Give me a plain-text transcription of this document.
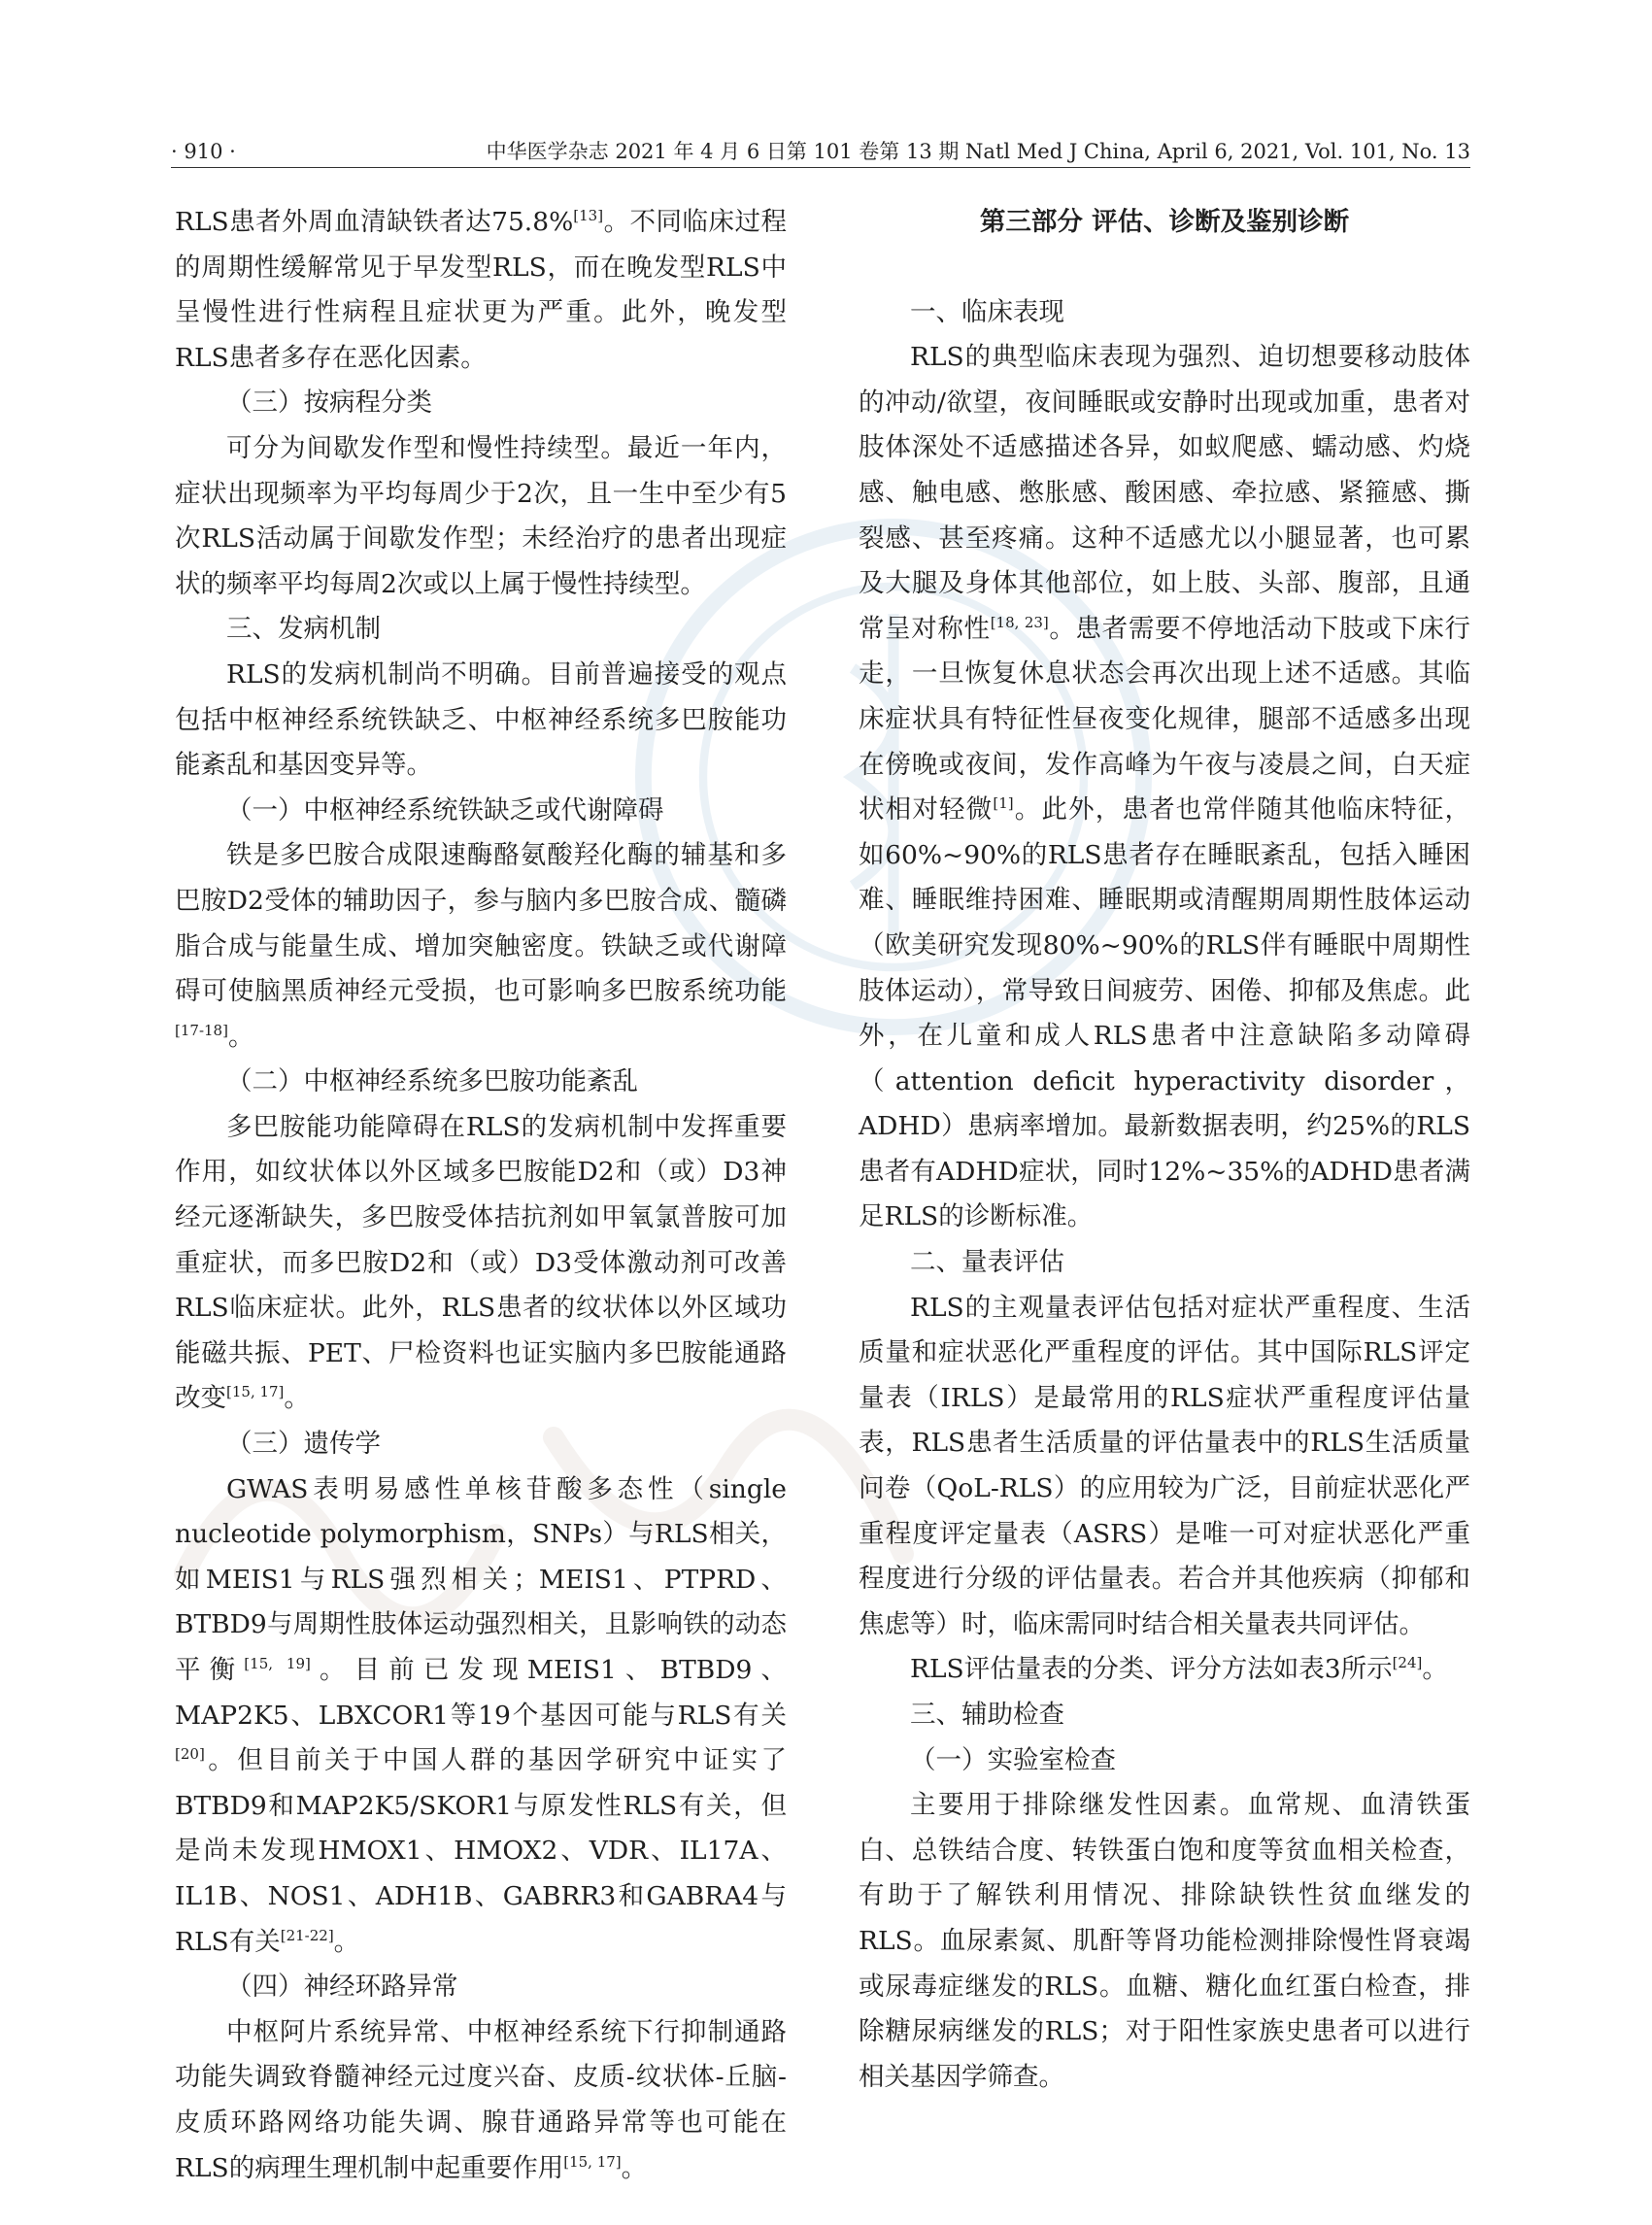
· 910 ·	中华医学杂志 2021 年 4 月 6 日第 101 卷第 13 期 Natl Med J China, April 6, 2021, Vol. 101, No. 13

RLS患者外周血清缺铁者达75.8%[13]。不同临床过程的周期性缓解常见于早发型RLS，而在晚发型RLS中呈慢性进行性病程且症状更为严重。此外，晚发型RLS患者多存在恶化因素。

（三）按病程分类

可分为间歇发作型和慢性持续型。最近一年内，症状出现频率为平均每周少于2次，且一生中至少有5次RLS活动属于间歇发作型；未经治疗的患者出现症状的频率平均每周2次或以上属于慢性持续型。

三、发病机制

RLS的发病机制尚不明确。目前普遍接受的观点包括中枢神经系统铁缺乏、中枢神经系统多巴胺能功能紊乱和基因变异等。

（一）中枢神经系统铁缺乏或代谢障碍

铁是多巴胺合成限速酶酪氨酸羟化酶的辅基和多巴胺D2受体的辅助因子，参与脑内多巴胺合成、髓磷脂合成与能量生成、增加突触密度。铁缺乏或代谢障碍可使脑黑质神经元受损，也可影响多巴胺系统功能[17-18]。

（二）中枢神经系统多巴胺功能紊乱

多巴胺能功能障碍在RLS的发病机制中发挥重要作用，如纹状体以外区域多巴胺能D2和（或）D3神经元逐渐缺失，多巴胺受体拮抗剂如甲氧氯普胺可加重症状，而多巴胺D2和（或）D3受体激动剂可改善RLS临床症状。此外，RLS患者的纹状体以外区域功能磁共振、PET、尸检资料也证实脑内多巴胺能通路改变[15, 17]。

（三）遗传学

GWAS表明易感性单核苷酸多态性（single nucleotide polymorphism，SNPs）与RLS相关，如MEIS1与RLS强烈相关；MEIS1、PTPRD、BTBD9与周期性肢体运动强烈相关，且影响铁的动态平衡[15, 19]。目前已发现MEIS1、BTBD9、MAP2K5、LBXCOR1等19个基因可能与RLS有关[20]。但目前关于中国人群的基因学研究中证实了BTBD9和MAP2K5/SKOR1与原发性RLS有关，但是尚未发现HMOX1、HMOX2、VDR、IL17A、IL1B、NOS1、ADH1B、GABRR3和GABRA4与RLS有关[21-22]。

（四）神经环路异常

中枢阿片系统异常、中枢神经系统下行抑制通路功能失调致脊髓神经元过度兴奋、皮质-纹状体-丘脑-皮质环路网络功能失调、腺苷通路异常等也可能在RLS的病理生理机制中起重要作用[15, 17]。

第三部分 评估、诊断及鉴别诊断

一、临床表现

RLS的典型临床表现为强烈、迫切想要移动肢体的冲动/欲望，夜间睡眠或安静时出现或加重，患者对肢体深处不适感描述各异，如蚁爬感、蠕动感、灼烧感、触电感、憋胀感、酸困感、牵拉感、紧箍感、撕裂感、甚至疼痛。这种不适感尤以小腿显著，也可累及大腿及身体其他部位，如上肢、头部、腹部，且通常呈对称性[18, 23]。患者需要不停地活动下肢或下床行走，一旦恢复休息状态会再次出现上述不适感。其临床症状具有特征性昼夜变化规律，腿部不适感多出现在傍晚或夜间，发作高峰为午夜与凌晨之间，白天症状相对轻微[1]。此外，患者也常伴随其他临床特征，如60%~90%的RLS患者存在睡眠紊乱，包括入睡困难、睡眠维持困难、睡眠期或清醒期周期性肢体运动（欧美研究发现80%~90%的RLS伴有睡眠中周期性肢体运动），常导致日间疲劳、困倦、抑郁及焦虑。此外，在儿童和成人RLS患者中注意缺陷多动障碍（attention deficit hyperactivity disorder，ADHD）患病率增加。最新数据表明，约25%的RLS患者有ADHD症状，同时12%~35%的ADHD患者满足RLS的诊断标准。

二、量表评估

RLS的主观量表评估包括对症状严重程度、生活质量和症状恶化严重程度的评估。其中国际RLS评定量表（IRLS）是最常用的RLS症状严重程度评估量表，RLS患者生活质量的评估量表中的RLS生活质量问卷（QoL-RLS）的应用较为广泛，目前症状恶化严重程度评定量表（ASRS）是唯一可对症状恶化严重程度进行分级的评估量表。若合并其他疾病（抑郁和焦虑等）时，临床需同时结合相关量表共同评估。

RLS评估量表的分类、评分方法如表3所示[24]。

三、辅助检查

（一）实验室检查

主要用于排除继发性因素。血常规、血清铁蛋白、总铁结合度、转铁蛋白饱和度等贫血相关检查，有助于了解铁利用情况、排除缺铁性贫血继发的RLS。血尿素氮、肌酐等肾功能检测排除慢性肾衰竭或尿毒症继发的RLS。血糖、糖化血红蛋白检查，排除糖尿病继发的RLS；对于阳性家族史患者可以进行相关基因学筛查。
